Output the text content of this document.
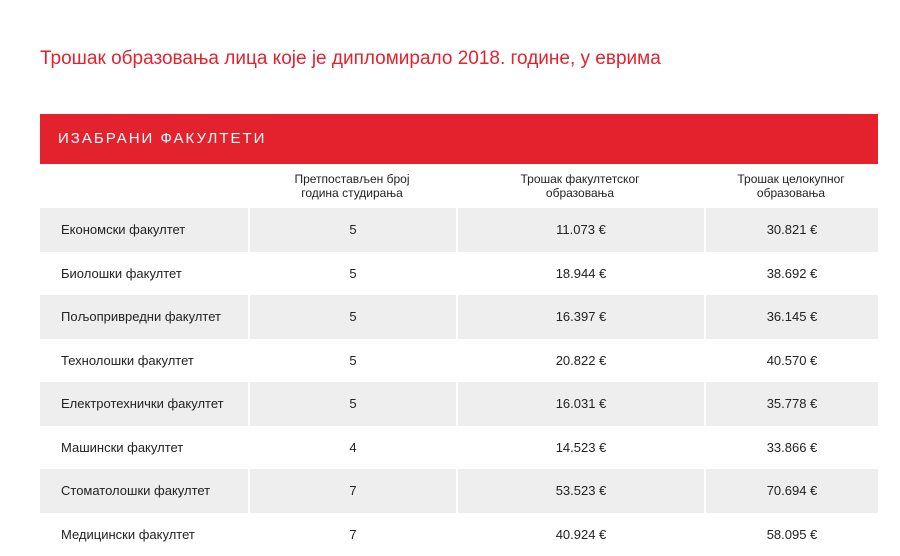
Трошак образовања лица које је дипломирало 2018. године, у еврима
ИЗАБРАНИ ФАКУЛТЕТИ
Претпостављен број
година студирања
Трошак факултетског
образовања
Трошак целокупног
образовања
Економски факултет	5	11.073 €	30.821 €
Биолошки факултет	5	18.944 €	38.692 €
Пољопривредни факултет	5	16.397 €	36.145 €
Технолошки факултет	5	20.822 €	40.570 €
Електротехнички факултет	5	16.031 €	35.778 €
Машински факултет	4	14.523 €	33.866 €
Стоматолошки факултет	7	53.523 €	70.694 €
Медицински факултет	7	40.924 €	58.095 €
